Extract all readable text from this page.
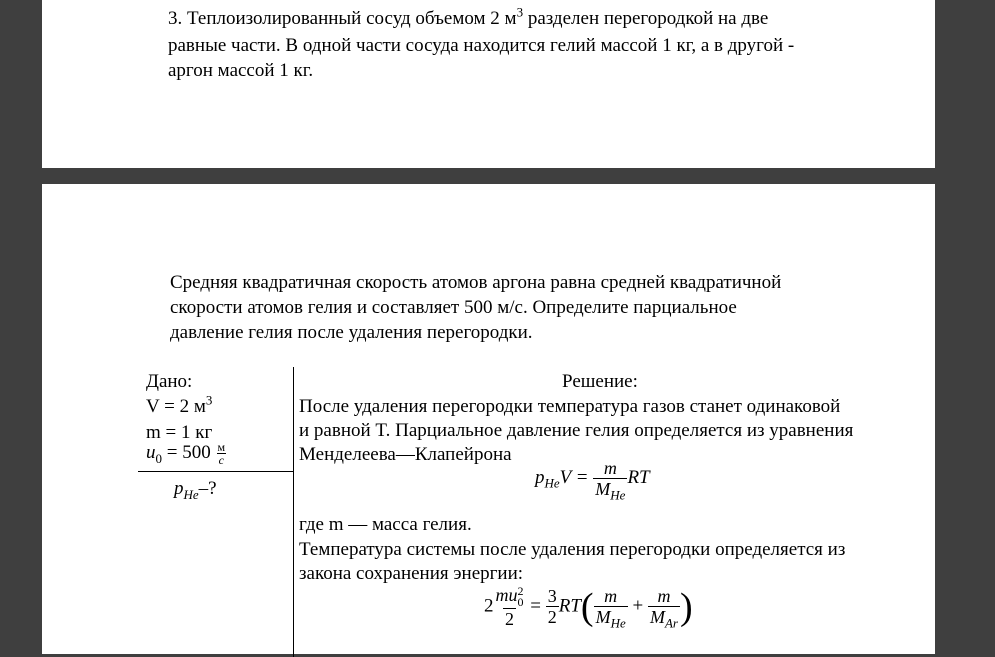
3. Теплоизолированный сосуд объемом 2 $м^3$ разделен перегородкой на две
равные части. В одной части сосуда находится гелий массой 1 кг, а в другой -
аргон массой 1 кг.
Средняя квадратичная скорость атомов аргона равна средней квадратичной
скорости атомов гелия и составляет 500 м/с. Определите парциальное
давление гелия после удаления перегородки.
Дано:
V = 2 $м^3$
m = 1 кг
$u_0 = 500 \frac{м}{с}$
$p_{He}-$?
Решение:
После удаления перегородки температура газов станет одинаковой
и равной T. Парциальное давление гелия определяется из уравнения
Менделеева—Клапейрона
$p_{He}V = \frac{m}{M_{He}}$ RT
где m — масса гелия.
Температура системы после удаления перегородки определяется из
закона сохранения энергии:
2 mu 2
0
$2 = \frac{3}{2} RT( \frac{m}{M_{He}} + \frac{m}{M_{Ar}}$ )
